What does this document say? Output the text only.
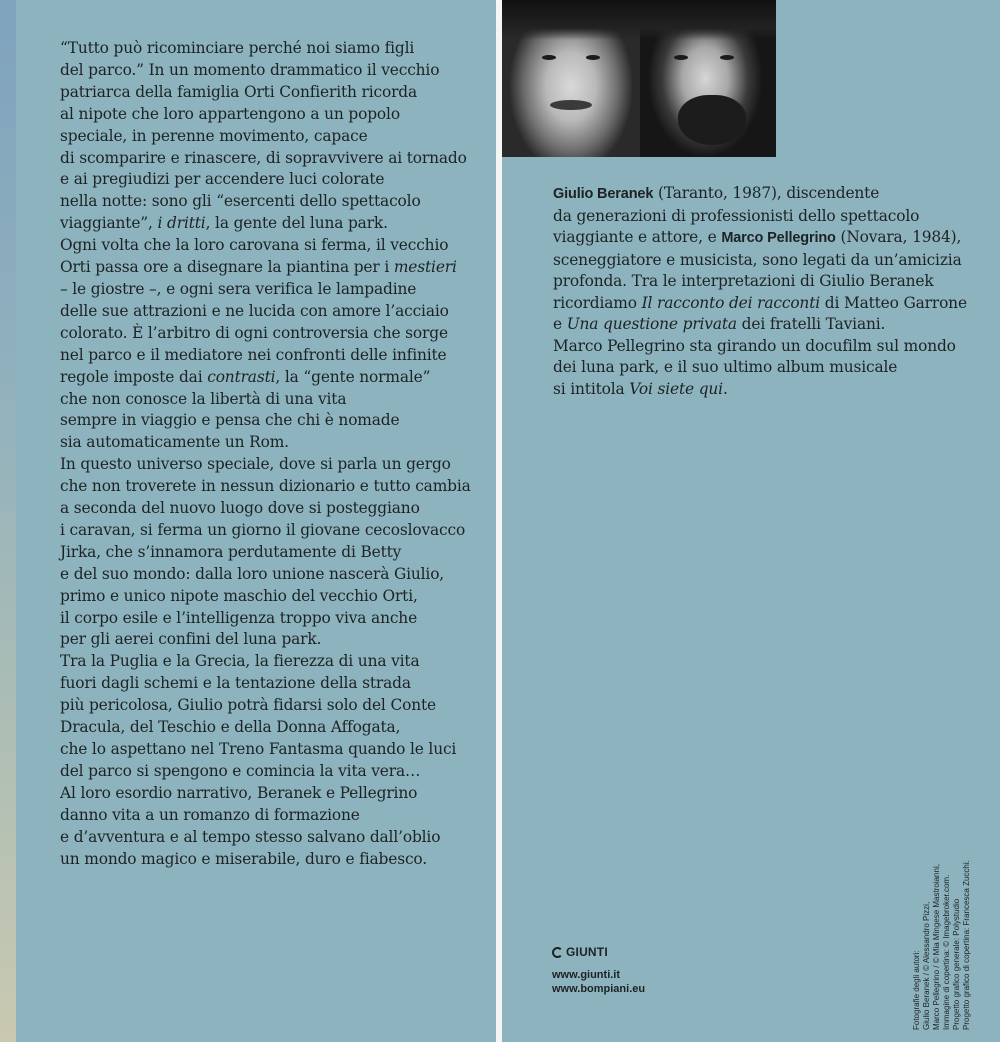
“Tutto può ricominciare perché noi siamo figli
del parco.” In un momento drammatico il vecchio
patriarca della famiglia Orti Confierith ricorda
al nipote che loro appartengono a un popolo
speciale, in perenne movimento, capace
di scomparire e rinascere, di sopravvivere ai tornado
e ai pregiudizi per accendere luci colorate
nella notte: sono gli “esercenti dello spettacolo
viaggiante”, i dritti, la gente del luna park.
Ogni volta che la loro carovana si ferma, il vecchio
Orti passa ore a disegnare la piantina per i mestieri
– le giostre –, e ogni sera verifica le lampadine
delle sue attrazioni e ne lucida con amore l’acciaio
colorato. È l’arbitro di ogni controversia che sorge
nel parco e il mediatore nei confronti delle infinite
regole imposte dai contrasti, la “gente normale”
che non conosce la libertà di una vita
sempre in viaggio e pensa che chi è nomade
sia automaticamente un Rom.
In questo universo speciale, dove si parla un gergo
che non troverete in nessun dizionario e tutto cambia
a seconda del nuovo luogo dove si posteggiano
i caravan, si ferma un giorno il giovane cecoslovacco
Jirka, che s’innamora perdutamente di Betty
e del suo mondo: dalla loro unione nascerà Giulio,
primo e unico nipote maschio del vecchio Orti,
il corpo esile e l’intelligenza troppo viva anche
per gli aerei confini del luna park.
Tra la Puglia e la Grecia, la fierezza di una vita
fuori dagli schemi e la tentazione della strada
più pericolosa, Giulio potrà fidarsi solo del Conte
Dracula, del Teschio e della Donna Affogata,
che lo aspettano nel Treno Fantasma quando le luci
del parco si spengono e comincia la vita vera…
Al loro esordio narrativo, Beranek e Pellegrino
danno vita a un romanzo di formazione
e d’avventura e al tempo stesso salvano dall’oblio
un mondo magico e miserabile, duro e fiabesco.
Giulio Beranek (Taranto, 1987), discendente
da generazioni di professionisti dello spettacolo
viaggiante e attore, e Marco Pellegrino (Novara, 1984),
sceneggiatore e musicista, sono legati da un’amicizia
profonda. Tra le interpretazioni di Giulio Beranek
ricordiamo Il racconto dei racconti di Matteo Garrone
e Una questione privata dei fratelli Taviani.
Marco Pellegrino sta girando un docufilm sul mondo
dei luna park, e il suo ultimo album musicale
si intitola Voi siete qui.
GIUNTI
www.giunti.it
www.bompiani.eu	Fotografie degli autori: Giulio Beranek / © Alessandro Pizzi, Marco Pellegrino / © Mia Mingese Mastroianni, Immagine di copertina: © Imagebroker.com. Progetto grafico generale: Polystudio Progetto grafico di copertina: Francesca Zucchi.
